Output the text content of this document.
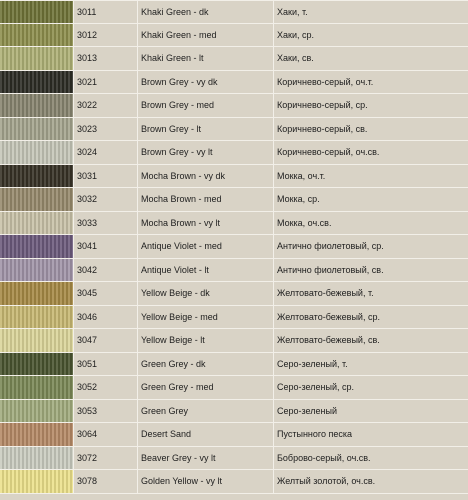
3011	Khaki Green - dk	Хаки, т.
3012	Khaki Green - med	Хаки, ср.
3013	Khaki Green - lt	Хаки, св.
3021	Brown Grey - vy dk	Коричнево-серый, оч.т.
3022	Brown Grey - med	Коричнево-серый, ср.
3023	Brown Grey - lt	Коричнево-серый, св.
3024	Brown Grey - vy lt	Коричнево-серый, оч.св.
3031	Mocha Brown - vy dk	Мокка, оч.т.
3032	Mocha Brown - med	Мокка, ср.
3033	Mocha Brown - vy lt	Мокка, оч.св.
3041	Antique Violet - med	Антично фиолетовый, ср.
3042	Antique Violet - lt	Антично фиолетовый, св.
3045	Yellow Beige - dk	Желтовато-бежевый, т.
3046	Yellow Beige - med	Желтовато-бежевый, ср.
3047	Yellow Beige - lt	Желтовато-бежевый, св.
3051	Green Grey - dk	Серо-зеленый, т.
3052	Green Grey - med	Серо-зеленый, ср.
3053	Green Grey	Серо-зеленый
3064	Desert Sand	Пустынного песка
3072	Beaver Grey - vy lt	Боброво-серый, оч.св.
3078	Golden Yellow - vy lt	Желтый золотой, оч.св.
